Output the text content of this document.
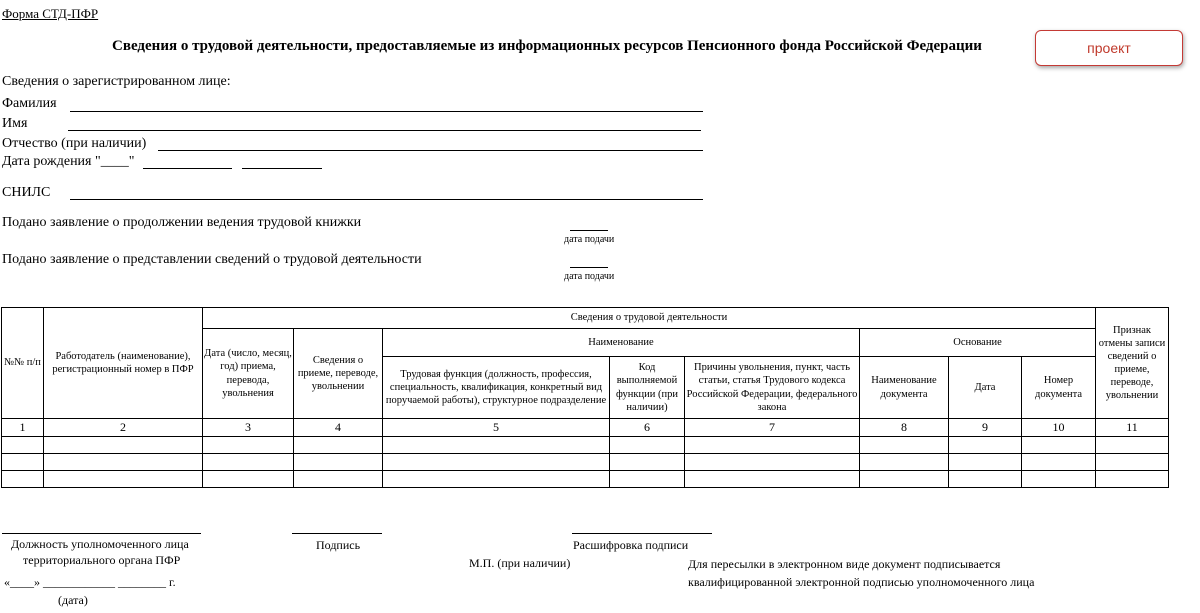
Форма СТД-ПФР
Сведения о трудовой деятельности, предоставляемые из информационных ресурсов Пенсионного фонда Российской Федерации	проект
Сведения о зарегистрированном лице:
Фамилия
Имя
Отчество (при наличии)
Дата рождения "____"
СНИЛС
Подано заявление о продолжении ведения трудовой книжки
дата подачи
Подано заявление о представлении сведений о трудовой деятельности
дата подачи
№№ п/п	Работодатель (наименование), регистрационный номер в ПФР	Сведения о трудовой деятельности								Признак отмены записи сведений о приеме, переводе, увольнении
		Дата (число, месяц, год) приема, перевода, увольнения	Сведения о приеме, переводе, увольнении	Наименование			Основание			
				Трудовая функция (должность, профессия, специальность, квалификация, конкретный вид поручаемой работы), структурное подразделение	Код выполняемой функции (при наличии)	Причины увольнения, пункт, часть статьи, статья Трудового кодекса Российской Федерации, федерального закона	Наименование документа	Дата	Номер документа	
1	2	3	4	5	6	7	8	9	10	11

Должность уполномоченного лица
территориального органа ПФР
«____» ____________ ________ г.
(дата)
Подпись
М.П. (при наличии)
Расшифровка подписи
Для пересылки в электронном виде документ подписывается
квалифицированной электронной подписью уполномоченного лица
